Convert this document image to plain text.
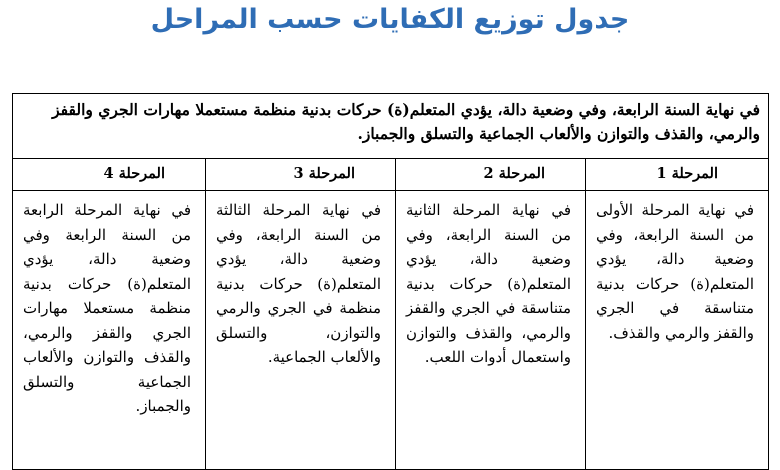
جدول توزيع الكفايات حسب المراحل
في نهاية السنة الرابعة، وفي وضعية دالة، يؤدي المتعلم(ة) حركات بدنية منظمة مستعملا مهارات الجري والقفز والرمي، والقذف والتوازن والألعاب الجماعية والتسلق والجمباز.
المرحلة 1
المرحلة 2
المرحلة 3
المرحلة 4
في نهاية المرحلة الأولى من السنة الرابعة، وفي وضعية دالة، يؤدي المتعلم(ة) حركات بدنية متناسقة في الجري والقفز والرمي والقذف.
في نهاية المرحلة الثانية من السنة الرابعة، وفي وضعية دالة، يؤدي المتعلم(ة) حركات بدنية متناسقة في الجري والقفز والرمي، والقذف والتوازن واستعمال أدوات اللعب.
في نهاية المرحلة الثالثة من السنة الرابعة، وفي وضعية دالة، يؤدي المتعلم(ة) حركات بدنية منظمة في الجري والرمي والتوازن، والتسلق والألعاب الجماعية.
في نهاية المرحلة الرابعة من السنة الرابعة وفي وضعية دالة، يؤدي المتعلم(ة) حركات بدنية منظمة مستعملا مهارات الجري والقفز والرمي، والقذف والتوازن والألعاب الجماعية والتسلق والجمباز.
